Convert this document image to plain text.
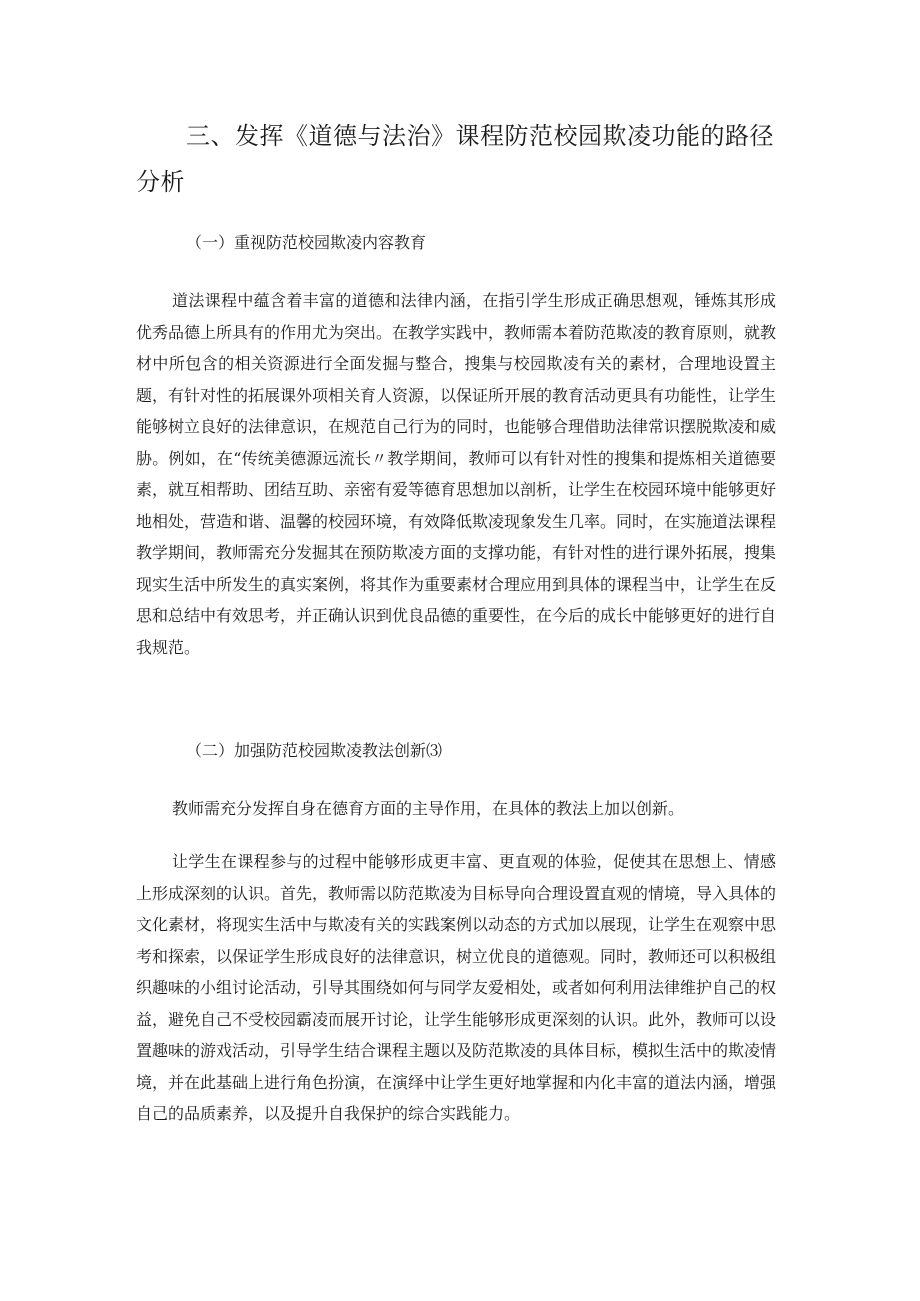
三、发挥《道德与法治》课程防范校园欺凌功能的路径分析
（一）重视防范校园欺凌内容教育

道法课程中蕴含着丰富的道德和法律内涵，在指引学生形成正确思想观，锤炼其形成优秀品德上所具有的作用尤为突出。在教学实践中，教师需本着防范欺凌的教育原则，就教材中所包含的相关资源进行全面发掘与整合，搜集与校园欺凌有关的素材，合理地设置主题，有针对性的拓展课外项相关育人资源，以保证所开展的教育活动更具有功能性，让学生能够树立良好的法律意识，在规范自己行为的同时，也能够合理借助法律常识摆脱欺凌和威胁。例如，在“传统美德源远流长〃教学期间，教师可以有针对性的搜集和提炼相关道德要素，就互相帮助、团结互助、亲密有爱等德育思想加以剖析，让学生在校园环境中能够更好地相处，营造和谐、温馨的校园环境，有效降低欺凌现象发生几率。同时，在实施道法课程教学期间，教师需充分发掘其在预防欺凌方面的支撑功能，有针对性的进行课外拓展，搜集现实生活中所发生的真实案例，将其作为重要素材合理应用到具体的课程当中，让学生在反思和总结中有效思考，并正确认识到优良品德的重要性，在今后的成长中能够更好的进行自我规范。

（二）加强防范校园欺凌教法创新⑶

教师需充分发挥自身在德育方面的主导作用，在具体的教法上加以创新。

让学生在课程参与的过程中能够形成更丰富、更直观的体验，促使其在思想上、情感上形成深刻的认识。首先，教师需以防范欺凌为目标导向合理设置直观的情境，导入具体的文化素材，将现实生活中与欺凌有关的实践案例以动态的方式加以展现，让学生在观察中思考和探索，以保证学生形成良好的法律意识，树立优良的道德观。同时，教师还可以积极组织趣味的小组讨论活动，引导其围绕如何与同学友爱相处，或者如何利用法律维护自己的权益，避免自己不受校园霸凌而展开讨论，让学生能够形成更深刻的认识。此外，教师可以设置趣味的游戏活动，引导学生结合课程主题以及防范欺凌的具体目标，模拟生活中的欺凌情境，并在此基础上进行角色扮演，在演绎中让学生更好地掌握和内化丰富的道法内涵，增强自己的品质素养，以及提升自我保护的综合实践能力。
